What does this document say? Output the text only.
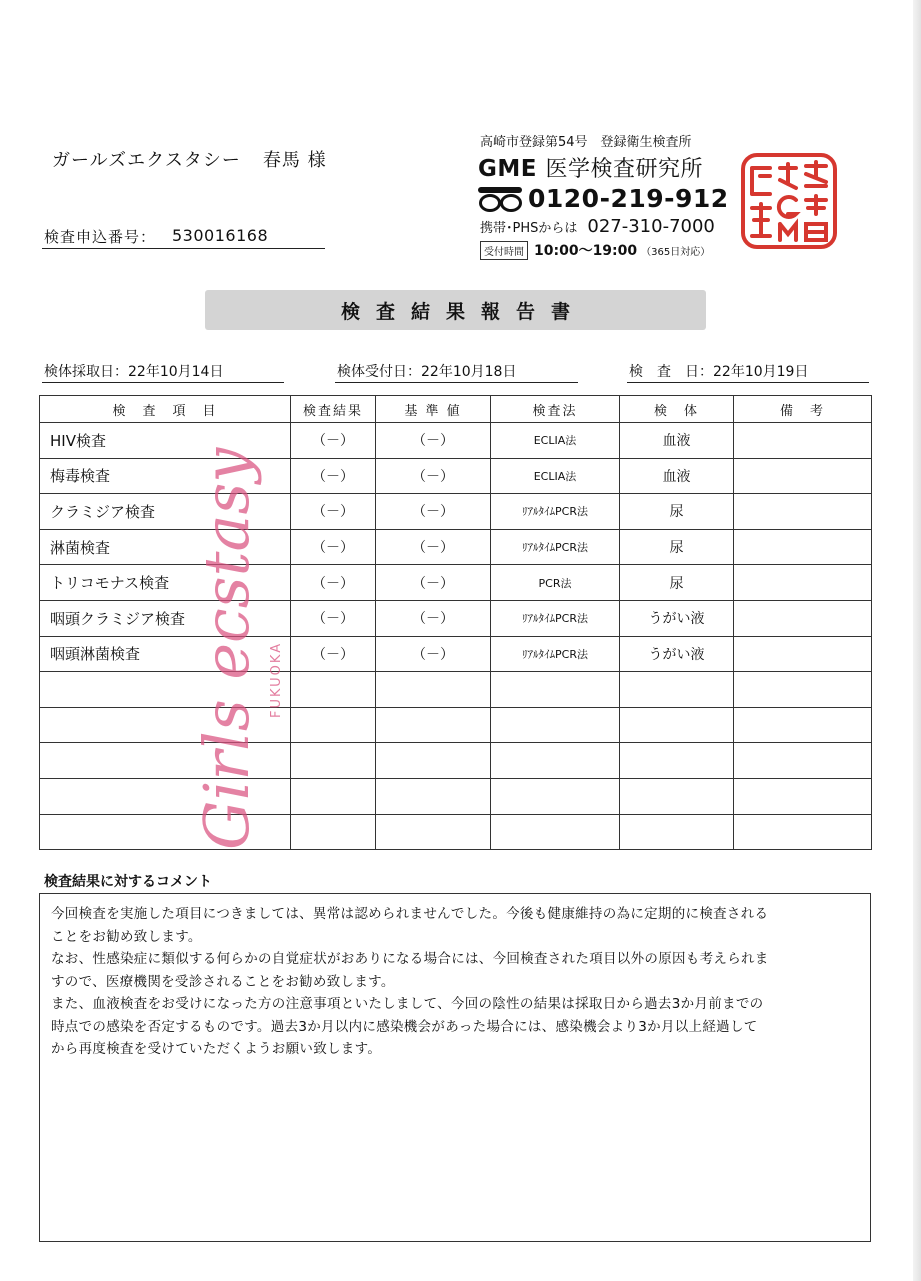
ガールズエクスタシー 春馬 様
検査申込番号： 530016168
高崎市登録第54号　登録衛生検査所
GME 医学検査研究所
0120-219-912
携帯･PHSからは 027-310-7000
受付時間 10:00〜19:00 （365日対応）
検査結果報告書
検体採取日：22年10月14日	検体受付日：22年10月18日	検　査　日：22年10月19日
検　査　項　目	検査結果	基 準 値	検査法	検　体	備　考
HIV検査	（－）	（－）	ECLIA法	血液	
梅毒検査	（－）	（－）	ECLIA法	血液	
クラミジア検査	（－）	（－）	ﾘｱﾙﾀｲﾑPCR法	尿	
淋菌検査	（－）	（－）	ﾘｱﾙﾀｲﾑPCR法	尿	
トリコモナス検査	（－）	（－）	PCR法	尿	
咽頭クラミジア検査	（－）	（－）	ﾘｱﾙﾀｲﾑPCR法	うがい液	
咽頭淋菌検査	（－）	（－）	ﾘｱﾙﾀｲﾑPCR法	うがい液	

Girls ecstasy FUKUOKA
検査結果に対するコメント

今回検査を実施した項目につきましては、異常は認められませんでした。今後も健康維持の為に定期的に検査される

ことをお勧め致します。

なお、性感染症に類似する何らかの自覚症状がおありになる場合には、今回検査された項目以外の原因も考えられま

すので、医療機関を受診されることをお勧め致します。

また、血液検査をお受けになった方の注意事項といたしまして、今回の陰性の結果は採取日から過去3か月前までの

時点での感染を否定するものです。過去3か月以内に感染機会があった場合には、感染機会より3か月以上経過して

から再度検査を受けていただくようお願い致します。
